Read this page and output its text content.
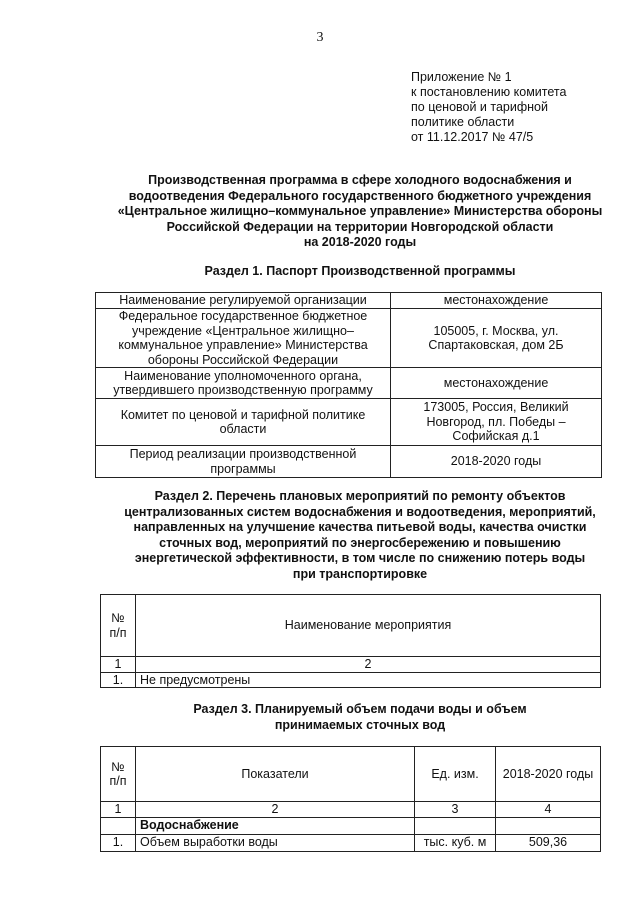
3

Приложение № 1

к постановлению комитета

по ценовой и тарифной

политике области

от 11.12.2017 № 47/5

Производственная программа в сфере холодного водоснабжения и

водоотведения Федерального государственного бюджетного учреждения

«Центральное жилищно–коммунальное управление» Министерства обороны

Российской Федерации на территории Новгородской области

на 2018-2020 годы

Раздел 1. Паспорт Производственной программы
Наименование регулируемой организации	местонахождение
Федеральное государственное бюджетное учреждение «Центральное жилищно–коммунальное управление» Министерства обороны Российской Федерации	105005, г. Москва, ул. Спартаковская, дом 2Б
Наименование уполномоченного органа, утвердившего производственную программу	местонахождение
Комитет по ценовой и тарифной политике области	173005, Россия, Великий Новгород, пл. Победы – Софийская д.1
Период реализации производственной программы	2018-2020 годы

Раздел 2. Перечень плановых мероприятий по ремонту объектов

централизованных систем водоснабжения и водоотведения, мероприятий,

направленных на улучшение качества питьевой воды, качества очистки

сточных вод, мероприятий по энергосбережению и повышению

энергетической эффективности, в том числе по снижению потерь воды

при транспортировке

№ п/п	Наименование мероприятия
1	2
1.	Не предусмотрены

Раздел 3. Планируемый объем подачи воды и объем

принимаемых сточных вод

№ п/п	Показатели	Ед. изм.	2018-2020 годы
1	2	3	4
	Водоснабжение		
1.	Объем выработки воды	тыс. куб. м	509,36
